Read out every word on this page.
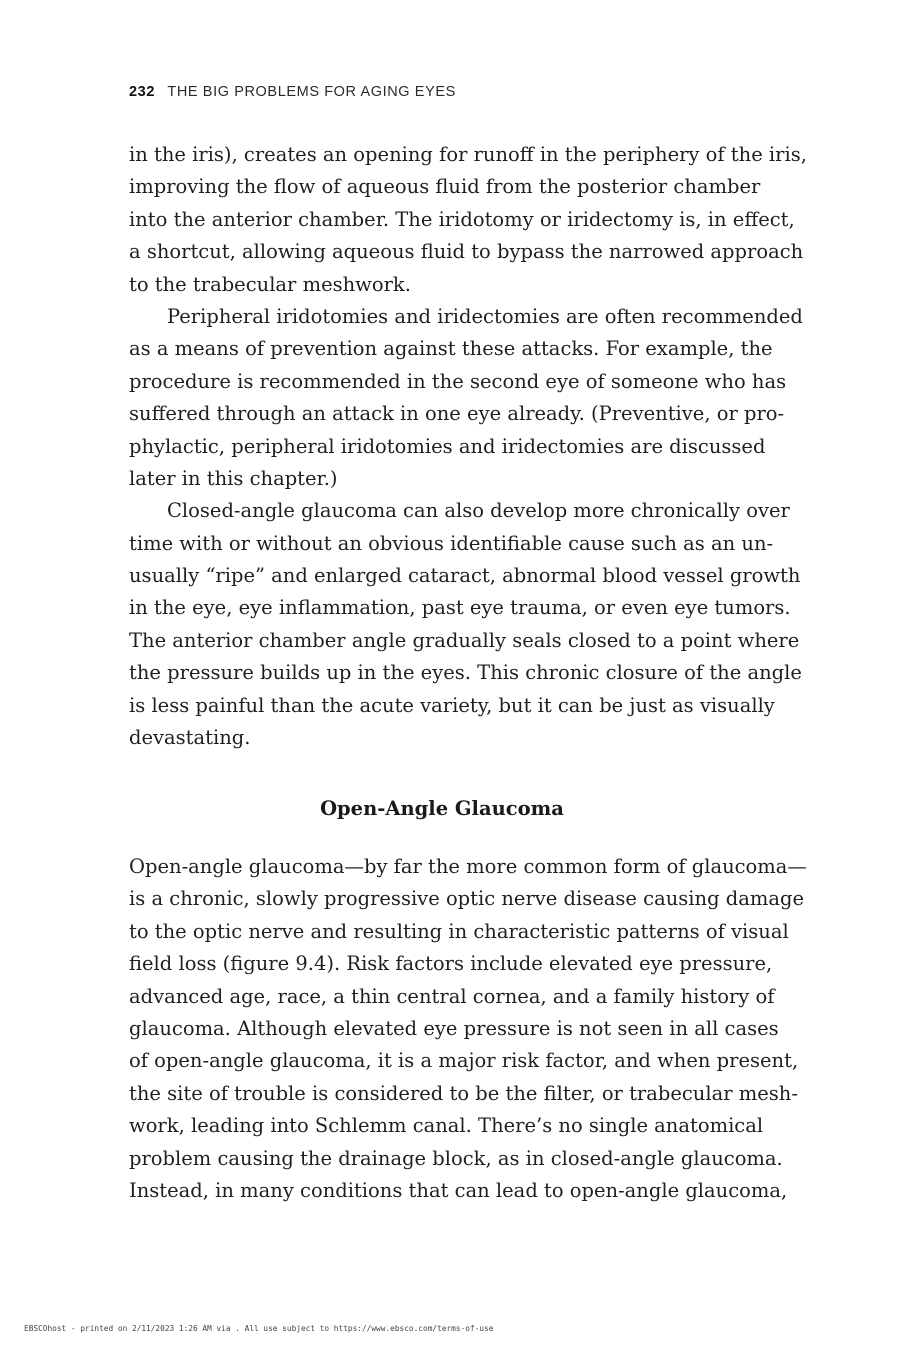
232 THE BIG PROBLEMS FOR AGING EYES
in the iris), creates an opening for runoff in the periphery of the iris,
improving the flow of aqueous fluid from the posterior chamber
into the anterior chamber. The iridotomy or iridectomy is, in effect,
a shortcut, allowing aqueous fluid to bypass the narrowed approach
to the trabecular meshwork.
Peripheral iridotomies and iridectomies are often recommended
as a means of prevention against these attacks. For example, the
procedure is recommended in the second eye of someone who has
suffered through an attack in one eye already. (Preventive, or pro-
phylactic, peripheral iridotomies and iridectomies are discussed
later in this chapter.)
Closed-angle glaucoma can also develop more chronically over
time with or without an obvious identifiable cause such as an un-
usually “ripe” and enlarged cataract, abnormal blood vessel growth
in the eye, eye inflammation, past eye trauma, or even eye tumors.
The anterior chamber angle gradually seals closed to a point where
the pressure builds up in the eyes. This chronic closure of the angle
is less painful than the acute variety, but it can be just as visually
devastating.
Open-Angle Glaucoma
Open-angle glaucoma—by far the more common form of glaucoma—
is a chronic, slowly progressive optic nerve disease causing damage
to the optic nerve and resulting in characteristic patterns of visual
field loss (figure 9.4). Risk factors include elevated eye pressure,
advanced age, race, a thin central cornea, and a family history of
glaucoma. Although elevated eye pressure is not seen in all cases
of open-angle glaucoma, it is a major risk factor, and when present,
the site of trouble is considered to be the filter, or trabecular mesh-
work, leading into Schlemm canal. There’s no single anatomical
problem causing the drainage block, as in closed-angle glaucoma.
Instead, in many conditions that can lead to open-angle glaucoma,
EBSCOhost - printed on 2/11/2023 1:26 AM via . All use subject to https://www.ebsco.com/terms-of-use
